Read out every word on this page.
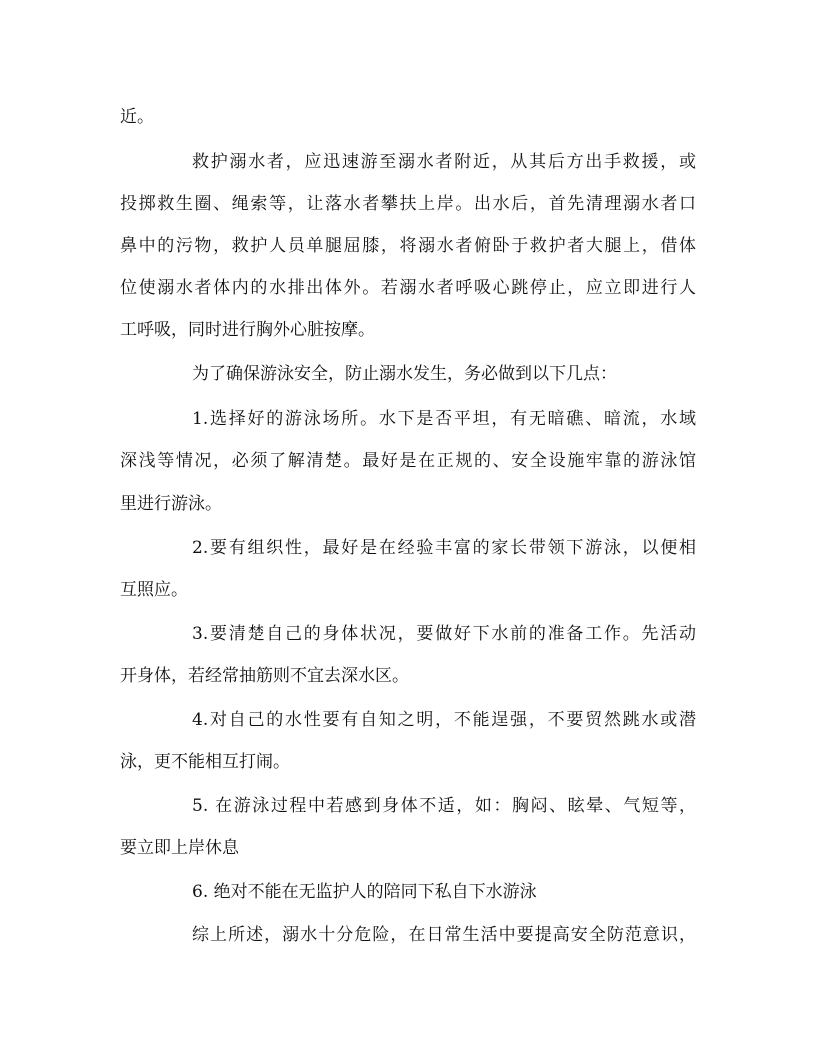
近。
救护溺水者，应迅速游至溺水者附近，从其后方出手救援，或
投掷救生圈、绳索等，让落水者攀扶上岸。出水后，首先清理溺水者口
鼻中的污物，救护人员单腿屈膝，将溺水者俯卧于救护者大腿上，借体
位使溺水者体内的水排出体外。若溺水者呼吸心跳停止，应立即进行人
工呼吸，同时进行胸外心脏按摩。
为了确保游泳安全，防止溺水发生，务必做到以下几点：
1.选择好的游泳场所。水下是否平坦，有无暗礁、暗流，水域
深浅等情况，必须了解清楚。最好是在正规的、安全设施牢靠的游泳馆
里进行游泳。
2.要有组织性，最好是在经验丰富的家长带领下游泳，以便相
互照应。
3.要清楚自己的身体状况，要做好下水前的准备工作。先活动
开身体，若经常抽筋则不宜去深水区。
4.对自己的水性要有自知之明，不能逞强，不要贸然跳水或潜
泳，更不能相互打闹。
5. 在游泳过程中若感到身体不适，如：胸闷、眩晕、气短等，
要立即上岸休息
6. 绝对不能在无监护人的陪同下私自下水游泳
综上所述，溺水十分危险，在日常生活中要提高安全防范意识，
